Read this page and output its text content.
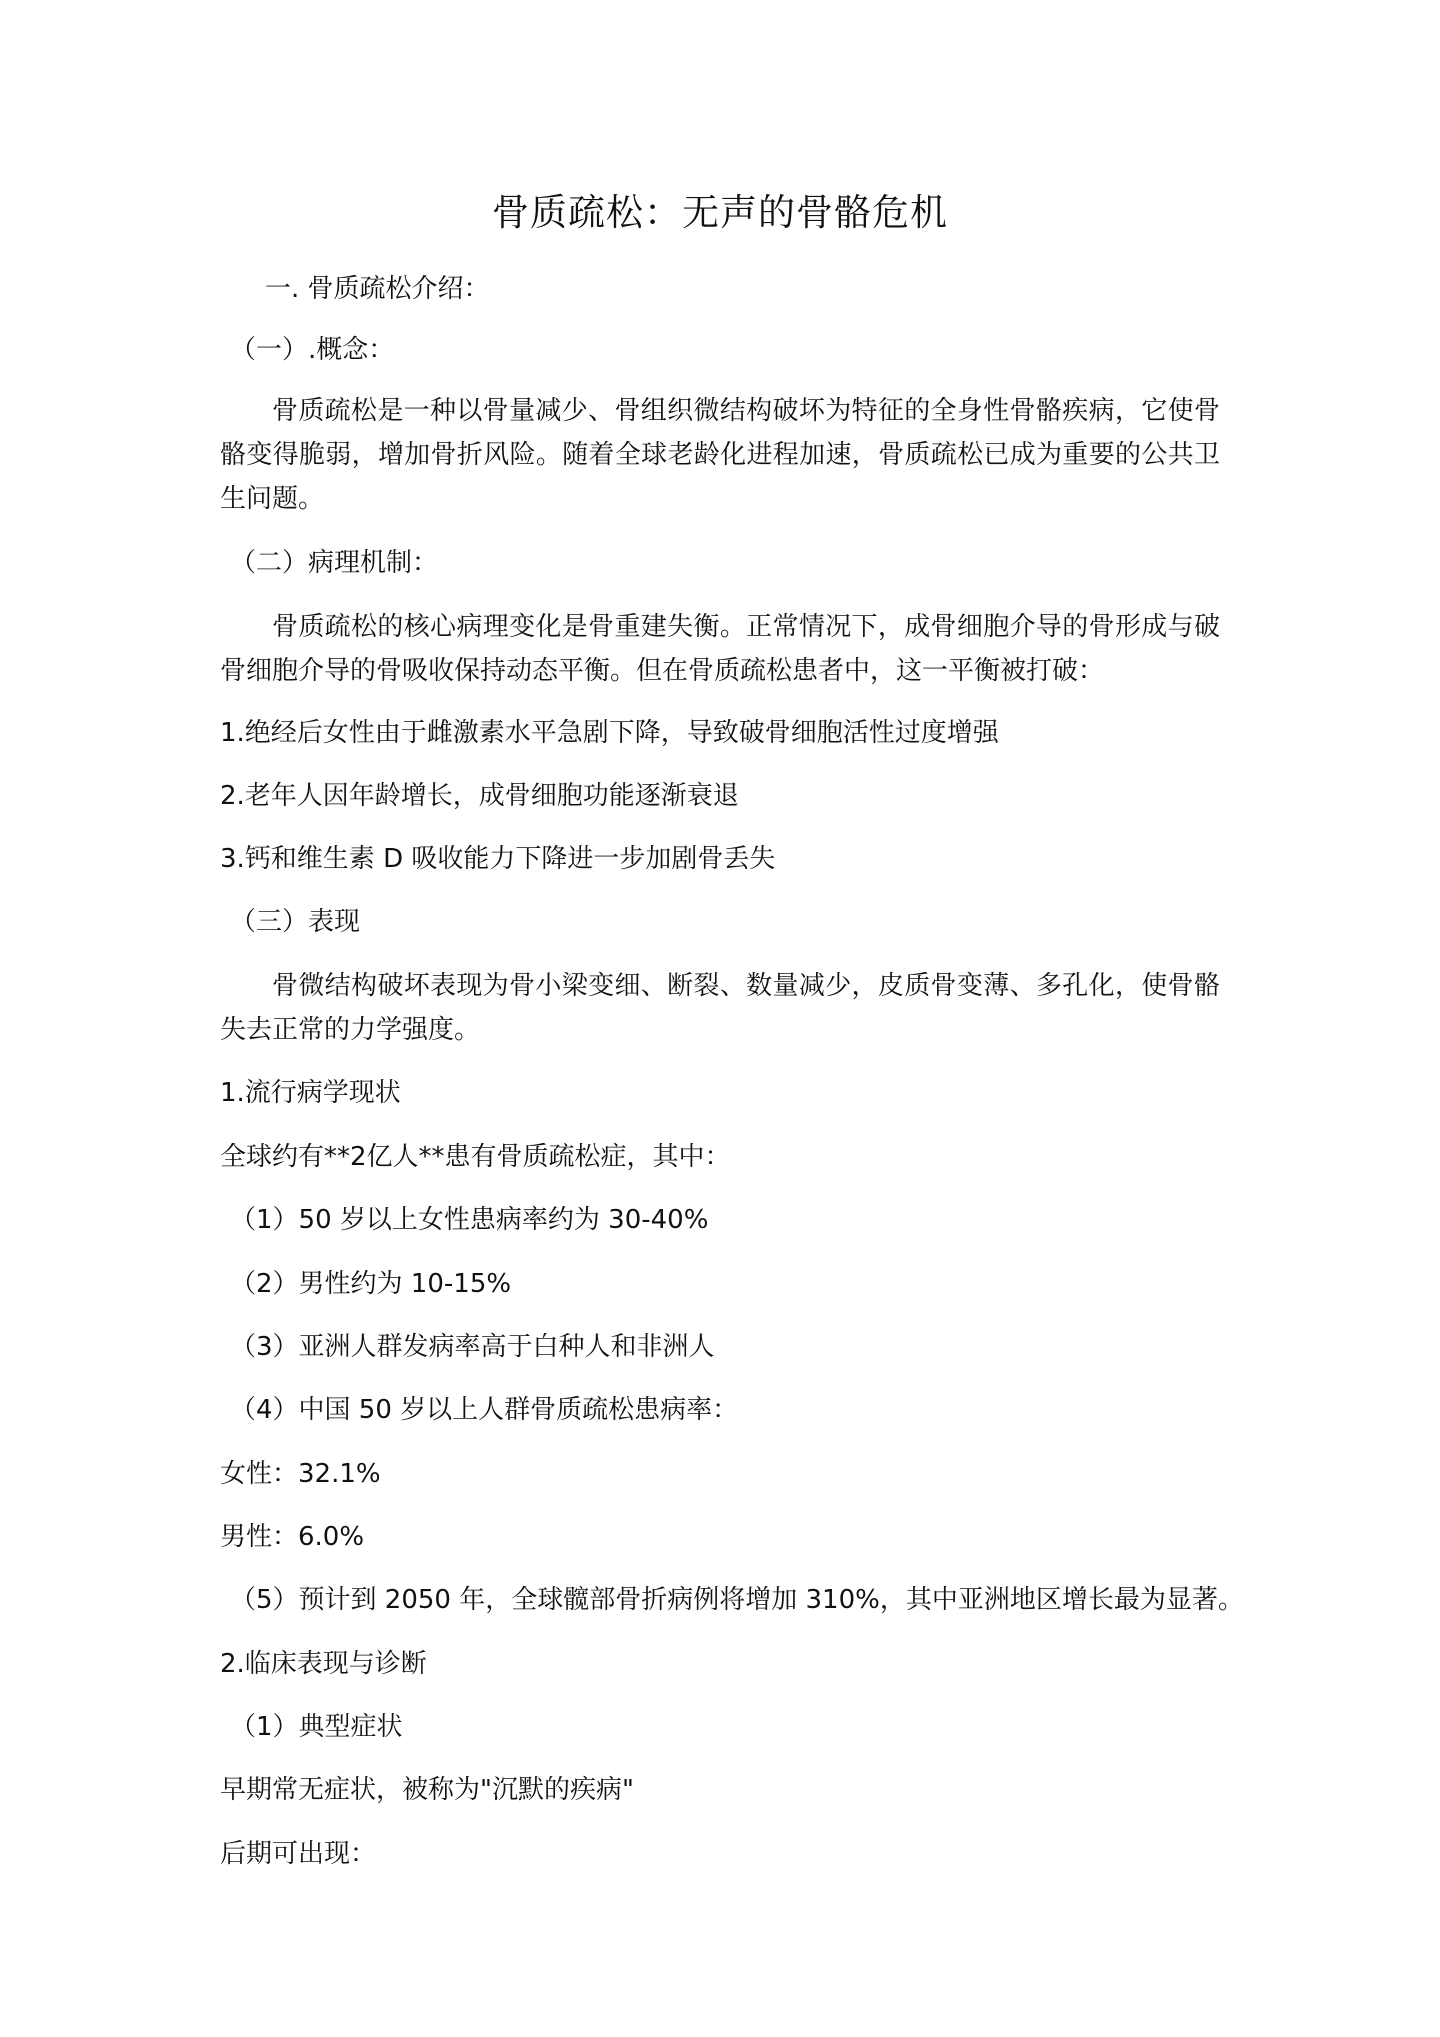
骨质疏松：无声的骨骼危机
一. 骨质疏松介绍：
（一）.概念：
骨质疏松是一种以骨量减少、骨组织微结构破坏为特征的全身性骨骼疾病，它使骨骼变得脆弱，增加骨折风险。随着全球老龄化进程加速，骨质疏松已成为重要的公共卫生问题。
（二）病理机制：
骨质疏松的核心病理变化是骨重建失衡。正常情况下，成骨细胞介导的骨形成与破骨细胞介导的骨吸收保持动态平衡。但在骨质疏松患者中，这一平衡被打破：
1.绝经后女性由于雌激素水平急剧下降，导致破骨细胞活性过度增强
2.老年人因年龄增长，成骨细胞功能逐渐衰退
3.钙和维生素 D 吸收能力下降进一步加剧骨丢失
（三）表现
骨微结构破坏表现为骨小梁变细、断裂、数量减少，皮质骨变薄、多孔化，使骨骼失去正常的力学强度。
1.流行病学现状
全球约有**2亿人**患有骨质疏松症，其中：
（1）50 岁以上女性患病率约为 30-40%
（2）男性约为 10-15%
（3）亚洲人群发病率高于白种人和非洲人
（4）中国 50 岁以上人群骨质疏松患病率：
女性：32.1%
男性：6.0%
（5）预计到 2050 年，全球髋部骨折病例将增加 310%，其中亚洲地区增长最为显著。
2.临床表现与诊断
（1）典型症状
早期常无症状，被称为"沉默的疾病"
后期可出现：
